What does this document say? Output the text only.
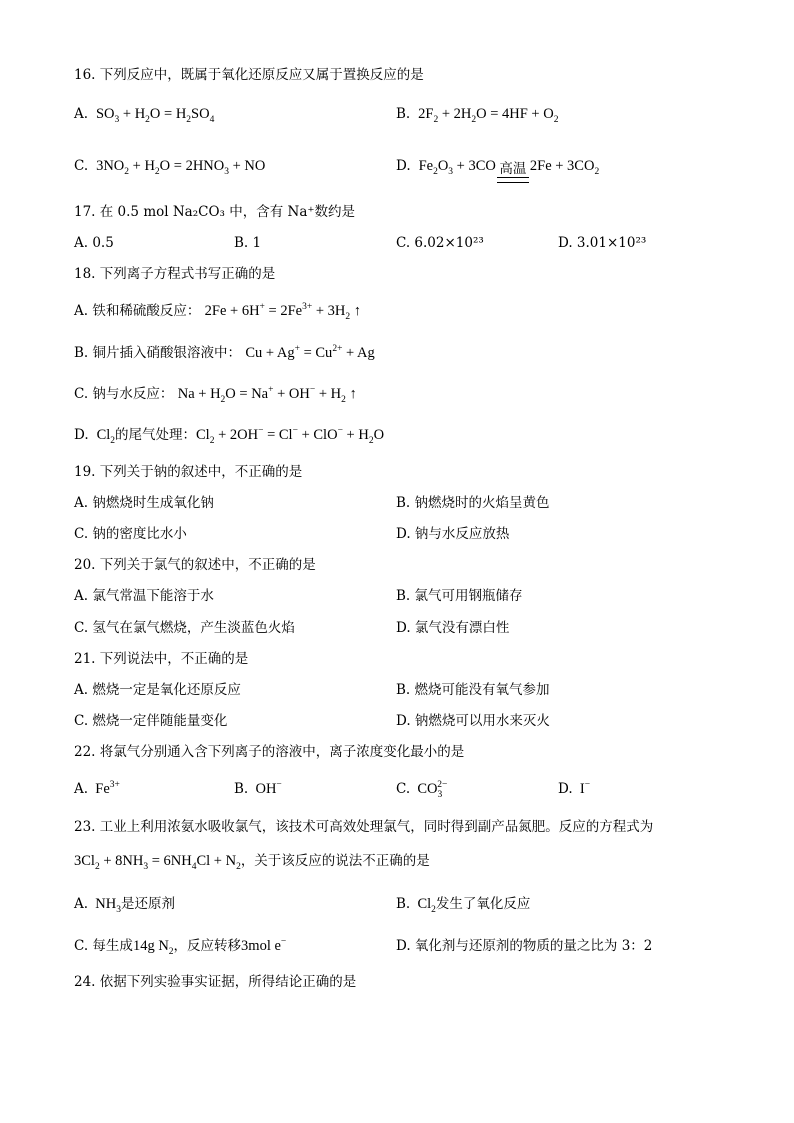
16. 下列反应中，既属于氧化还原反应又属于置换反应的是
A.  $SO_3 + H_2O = H_2SO_4$	B.  $2F_2 + 2H_2O = 4HF + O_2$
C.  $3NO_2 + H_2O = 2HNO_3$ + NO	D.  $Fe_2O_3 + 3CO$ 高温 $2Fe + 3CO_2$
17. 在 0.5 mol Na₂CO₃ 中，含有 Na⁺数约是
A. 0.5	B. 1	C. 6.02×10²³	D. 3.01×10²³
18. 下列离子方程式书写正确的是
A. 铁和稀硫酸反应： $2Fe + 6H^+ = 2Fe^{3+} + 3H_2$ ↑
B. 铜片插入硝酸银溶液中： $Cu + Ag^+ = Cu^{2+} + Ag$
C. 钠与水反应： $Na + H_2O = Na^+ + OH^- + H_2$ ↑
D.  $Cl_2$的尾气处理：$Cl_2 + 2OH^- = Cl^- + ClO^- + H_2O$
19. 下列关于钠的叙述中，不正确的是
A. 钠燃烧时生成氧化钠	B. 钠燃烧时的火焰呈黄色
C. 钠的密度比水小	D. 钠与水反应放热
20. 下列关于氯气的叙述中，不正确的是
A. 氯气常温下能溶于水	B. 氯气可用钢瓶储存
C. 氢气在氯气燃烧，产生淡蓝色火焰	D. 氯气没有漂白性
21. 下列说法中，不正确的是
A. 燃烧一定是氧化还原反应	B. 燃烧可能没有氧气参加
C. 燃烧一定伴随能量变化	D. 钠燃烧可以用水来灭火
22. 将氯气分别通入含下列离子的溶液中，离子浓度变化最小的是
A.  $Fe^{3+}$	B.  OH−	C.  $CO_3^{2-}$	D.  I−
23. 工业上利用浓氨水吸收氯气，该技术可高效处理氯气，同时得到副产品氮肥。反应的方程式为
$3Cl_2 + 8NH_3 = 6NH_4Cl + N_2$，关于该反应的说法不正确的是
A.  $NH_3$是还原剂	B.  $Cl_2$发生了氧化反应
C. 每生成14g $N_2$，反应转移3mol e−	D. 氧化剂与还原剂的物质的量之比为 3：2
24. 依据下列实验事实证据，所得结论正确的是
